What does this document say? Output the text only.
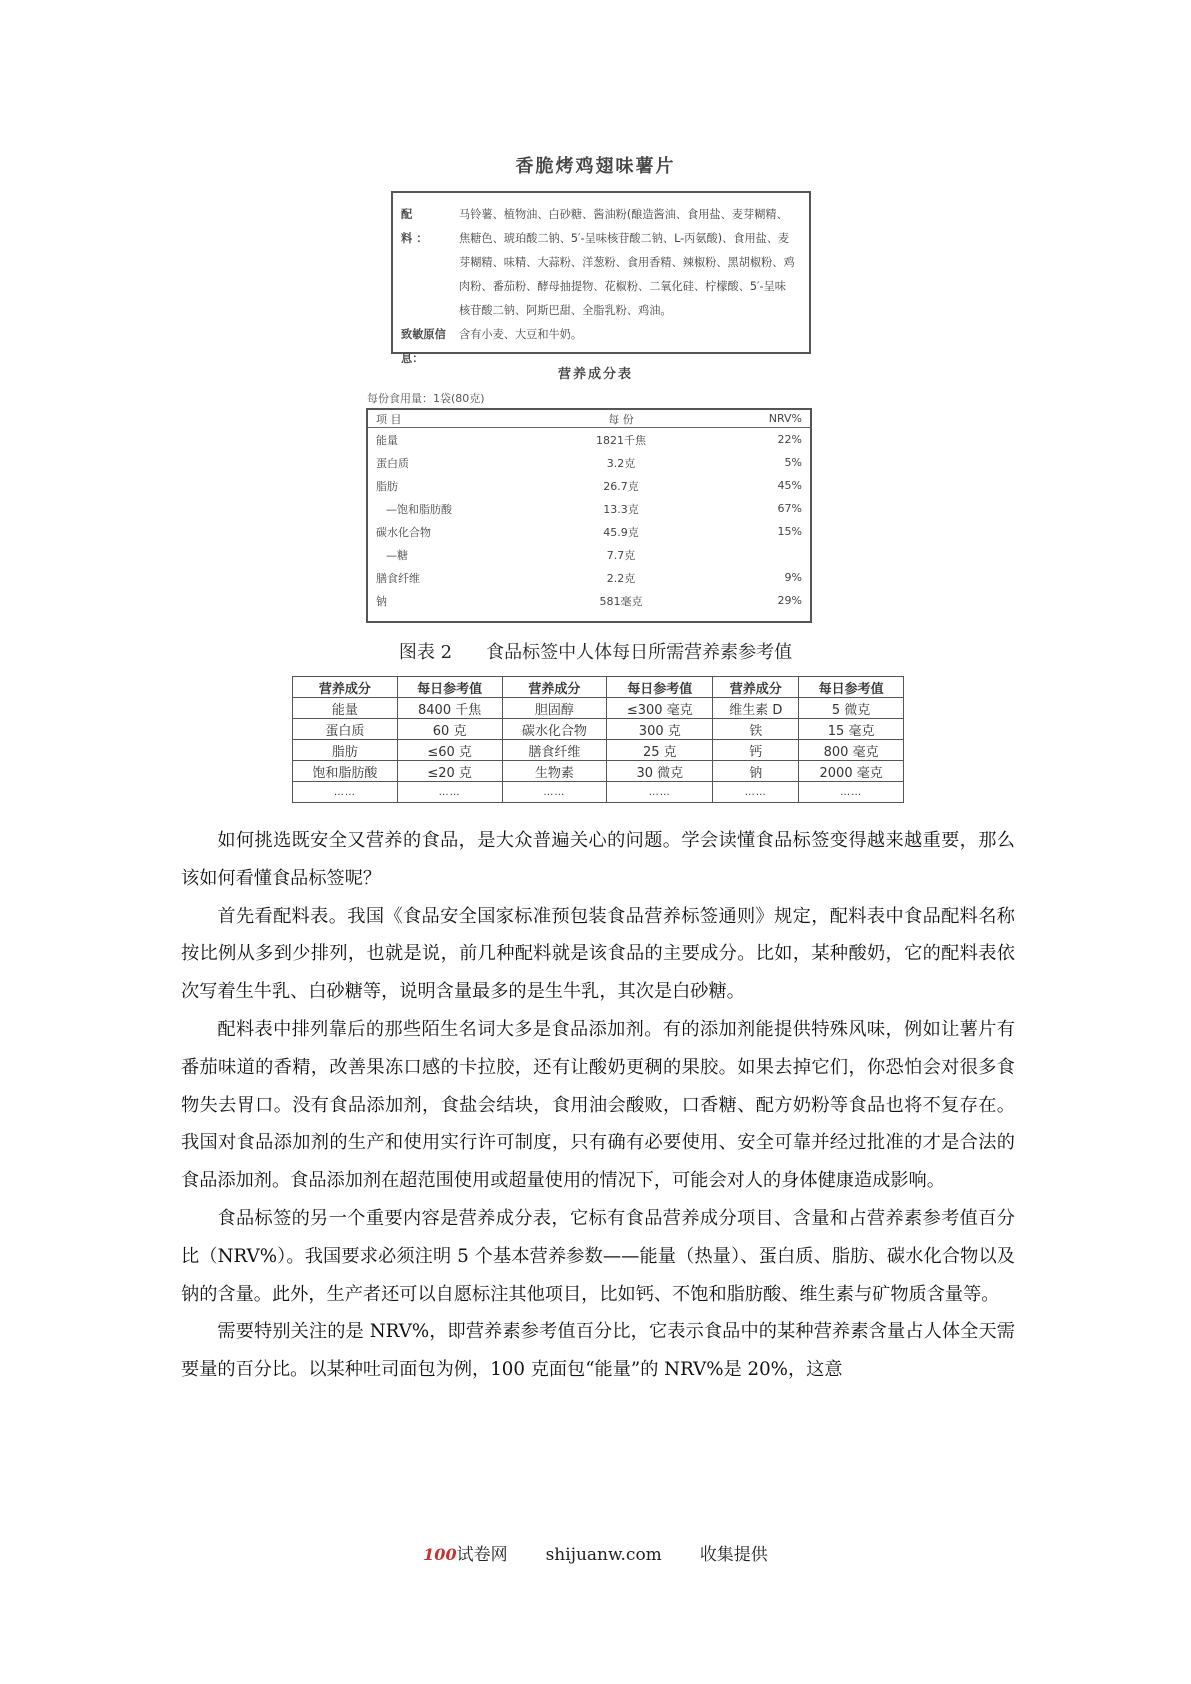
香脆烤鸡翅味薯片
配　料：
马铃薯、植物油、白砂糖、酱油粉(酿造酱油、食用盐、麦芽糊精、焦糖色、琥珀酸二钠、5′-呈味核苷酸二钠、L-丙氨酸)、食用盐、麦芽糊精、味精、大蒜粉、洋葱粉、食用香精、辣椒粉、黑胡椒粉、鸡肉粉、番茄粉、酵母抽提物、花椒粉、二氧化硅、柠檬酸、5′-呈味核苷酸二钠、阿斯巴甜、全脂乳粉、鸡油。
致敏原信息：
含有小麦、大豆和牛奶。
营养成分表
每份食用量：1袋(80克)
项 目	每 份	NRV%
能量	1821千焦	22%
蛋白质	3.2克	5%
脂肪	26.7克	45%
—饱和脂肪酸	13.3克	67%
碳水化合物	45.9克	15%
—糖	7.7克
膳食纤维	2.2克	9%
钠	581毫克	29%
图表 2 食品标签中人体每日所需营养素参考值
营养成分	每日参考值	营养成分	每日参考值	营养成分	每日参考值
能量	8400 千焦	胆固醇	≤300 毫克	维生素 D	5 微克
蛋白质	60 克	碳水化合物	300 克	铁	15 毫克
脂肪	≤60 克	膳食纤维	25 克	钙	800 毫克
饱和脂肪酸	≤20 克	生物素	30 微克	钠	2000 毫克
……	……	……	……	……	……

如何挑选既安全又营养的食品，是大众普遍关心的问题。学会读懂食品标签变得越来越重要，那么该如何看懂食品标签呢？

首先看配料表。我国《食品安全国家标准预包装食品营养标签通则》规定，配料表中食品配料名称按比例从多到少排列，也就是说，前几种配料就是该食品的主要成分。比如，某种酸奶，它的配料表依次写着生牛乳、白砂糖等，说明含量最多的是生牛乳，其次是白砂糖。

配料表中排列靠后的那些陌生名词大多是食品添加剂。有的添加剂能提供特殊风味，例如让薯片有番茄味道的香精，改善果冻口感的卡拉胶，还有让酸奶更稠的果胶。如果去掉它们，你恐怕会对很多食物失去胃口。没有食品添加剂，食盐会结块，食用油会酸败，口香糖、配方奶粉等食品也将不复存在。我国对食品添加剂的生产和使用实行许可制度，只有确有必要使用、安全可靠并经过批准的才是合法的食品添加剂。食品添加剂在超范围使用或超量使用的情况下，可能会对人的身体健康造成影响。

食品标签的另一个重要内容是营养成分表，它标有食品营养成分项目、含量和占营养素参考值百分比（NRV%）。我国要求必须注明 5 个基本营养参数——能量（热量）、蛋白质、脂肪、碳水化合物以及钠的含量。此外，生产者还可以自愿标注其他项目，比如钙、不饱和脂肪酸、维生素与矿物质含量等。

需要特别关注的是 NRV%，即营养素参考值百分比，它表示食品中的某种营养素含量占人体全天需要量的百分比。以某种吐司面包为例，100 克面包“能量”的 NRV%是 20%，这意

100试卷网 shijuanw.com 收集提供
